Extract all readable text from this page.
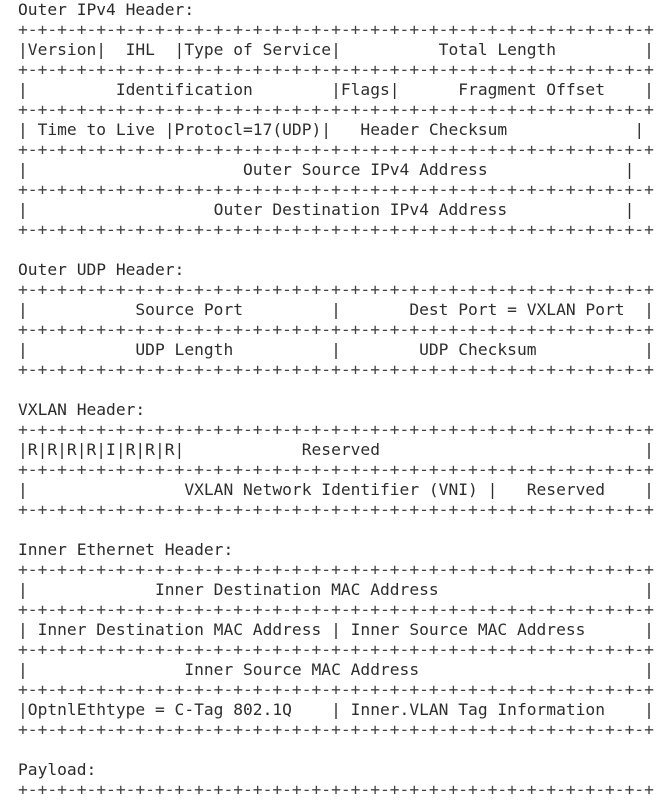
Outer IPv4 Header:
+-+-+-+-+-+-+-+-+-+-+-+-+-+-+-+-+-+-+-+-+-+-+-+-+-+-+-+-+-+-+-+-+
|Version|  IHL  |Type of Service|          Total Length         |
+-+-+-+-+-+-+-+-+-+-+-+-+-+-+-+-+-+-+-+-+-+-+-+-+-+-+-+-+-+-+-+-+
|         Identification        |Flags|      Fragment Offset    |
+-+-+-+-+-+-+-+-+-+-+-+-+-+-+-+-+-+-+-+-+-+-+-+-+-+-+-+-+-+-+-+-+
| Time to Live |Protocl=17(UDP)|   Header Checksum             |
+-+-+-+-+-+-+-+-+-+-+-+-+-+-+-+-+-+-+-+-+-+-+-+-+-+-+-+-+-+-+-+-+
|                      Outer Source IPv4 Address              |
+-+-+-+-+-+-+-+-+-+-+-+-+-+-+-+-+-+-+-+-+-+-+-+-+-+-+-+-+-+-+-+-+
|                   Outer Destination IPv4 Address            |
+-+-+-+-+-+-+-+-+-+-+-+-+-+-+-+-+-+-+-+-+-+-+-+-+-+-+-+-+-+-+-+-+
Outer UDP Header:
+-+-+-+-+-+-+-+-+-+-+-+-+-+-+-+-+-+-+-+-+-+-+-+-+-+-+-+-+-+-+-+-+
|           Source Port         |       Dest Port = VXLAN Port  |
+-+-+-+-+-+-+-+-+-+-+-+-+-+-+-+-+-+-+-+-+-+-+-+-+-+-+-+-+-+-+-+-+
|           UDP Length          |        UDP Checksum           |
+-+-+-+-+-+-+-+-+-+-+-+-+-+-+-+-+-+-+-+-+-+-+-+-+-+-+-+-+-+-+-+-+
VXLAN Header:
+-+-+-+-+-+-+-+-+-+-+-+-+-+-+-+-+-+-+-+-+-+-+-+-+-+-+-+-+-+-+-+-+
|R|R|R|R|I|R|R|R|            Reserved                           |
+-+-+-+-+-+-+-+-+-+-+-+-+-+-+-+-+-+-+-+-+-+-+-+-+-+-+-+-+-+-+-+-+
|                VXLAN Network Identifier (VNI) |   Reserved    |
+-+-+-+-+-+-+-+-+-+-+-+-+-+-+-+-+-+-+-+-+-+-+-+-+-+-+-+-+-+-+-+-+
Inner Ethernet Header:
+-+-+-+-+-+-+-+-+-+-+-+-+-+-+-+-+-+-+-+-+-+-+-+-+-+-+-+-+-+-+-+-+
|             Inner Destination MAC Address                     |
+-+-+-+-+-+-+-+-+-+-+-+-+-+-+-+-+-+-+-+-+-+-+-+-+-+-+-+-+-+-+-+-+
| Inner Destination MAC Address | Inner Source MAC Address      |
+-+-+-+-+-+-+-+-+-+-+-+-+-+-+-+-+-+-+-+-+-+-+-+-+-+-+-+-+-+-+-+-+
|                Inner Source MAC Address                       |
+-+-+-+-+-+-+-+-+-+-+-+-+-+-+-+-+-+-+-+-+-+-+-+-+-+-+-+-+-+-+-+-+
|OptnlEthtype = C-Tag 802.1Q    | Inner.VLAN Tag Information    |
+-+-+-+-+-+-+-+-+-+-+-+-+-+-+-+-+-+-+-+-+-+-+-+-+-+-+-+-+-+-+-+-+
Payload:
+-+-+-+-+-+-+-+-+-+-+-+-+-+-+-+-+-+-+-+-+-+-+-+-+-+-+-+-+-+-+-+-+
